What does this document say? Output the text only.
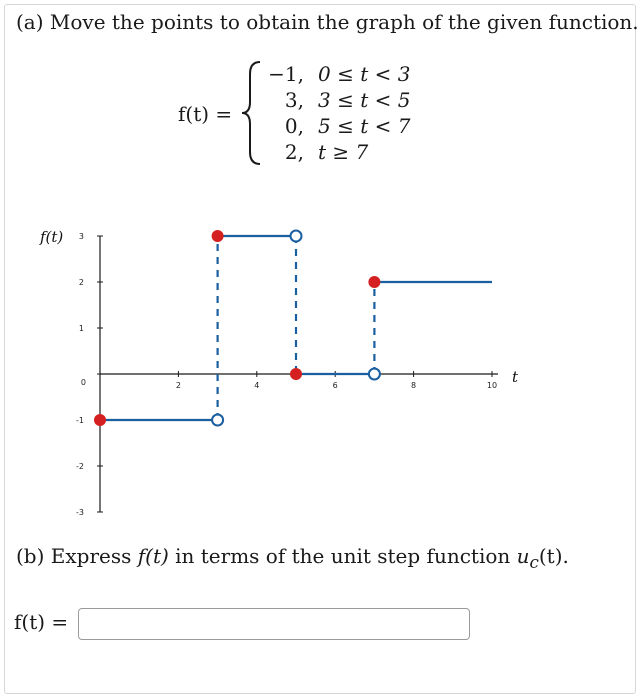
(a) Move the points to obtain the graph of the given function.
f(t) =
−1, 0 ≤ t < 3
3, 3 ≤ t < 5
0, 5 ≤ t < 7
2, t ≥ 7
3
2
1
0
-1
-2
-3
2	4	6	8	10 t
f(t)
(b) Express f(t) in terms of the unit step function $u_c(t)$.
f(t) =
